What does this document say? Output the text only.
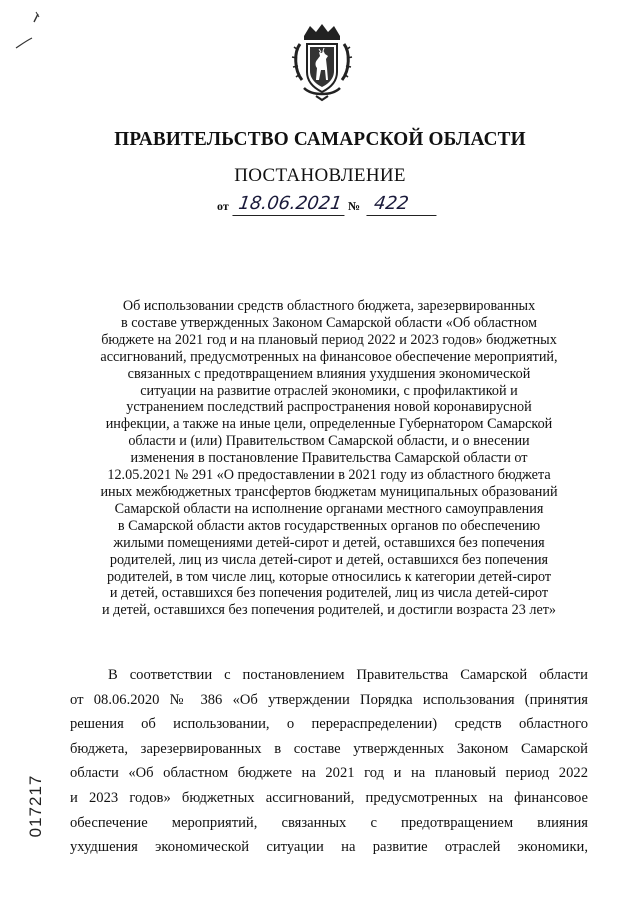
ПРАВИТЕЛЬСТВО САМАРСКОЙ ОБЛАСТИ
ПОСТАНОВЛЕНИЕ
от 18.06.2021 № 422
Об использовании средств областного бюджета, зарезервированных
в составе утвержденных Законом Самарской области «Об областном
бюджете на 2021 год и на плановый период 2022 и 2023 годов» бюджетных
ассигнований, предусмотренных на финансовое обеспечение мероприятий,
связанных с предотвращением влияния ухудшения экономической
ситуации на развитие отраслей экономики, с профилактикой и
устранением последствий распространения новой коронавирусной
инфекции, а также на иные цели, определенные Губернатором Самарской
области и (или) Правительством Самарской области, и о внесении
изменения в постановление Правительства Самарской области от
12.05.2021 № 291 «О предоставлении в 2021 году из областного бюджета
иных межбюджетных трансфертов бюджетам муниципальных образований
Самарской области на исполнение органами местного самоуправления
в Самарской области актов государственных органов по обеспечению
жилыми помещениями детей-сирот и детей, оставшихся без попечения
родителей, лиц из числа детей-сирот и детей, оставшихся без попечения
родителей, в том числе лиц, которые относились к категории детей-сирот
и детей, оставшихся без попечения родителей, лиц из числа детей-сирот
и детей, оставшихся без попечения родителей, и достигли возраста 23 лет»
В соответствии с постановлением Правительства Самарской области
от 08.06.2020 № 386 «Об утверждении Порядка использования (принятия
решения об использовании, о перераспределении) средств областного
бюджета, зарезервированных в составе утвержденных Законом Самарской
области «Об областном бюджете на 2021 год и на плановый период 2022
и 2023 годов» бюджетных ассигнований, предусмотренных на финансовое
обеспечение мероприятий, связанных с предотвращением влияния
ухудшения экономической ситуации на развитие отраслей экономики,
017217
